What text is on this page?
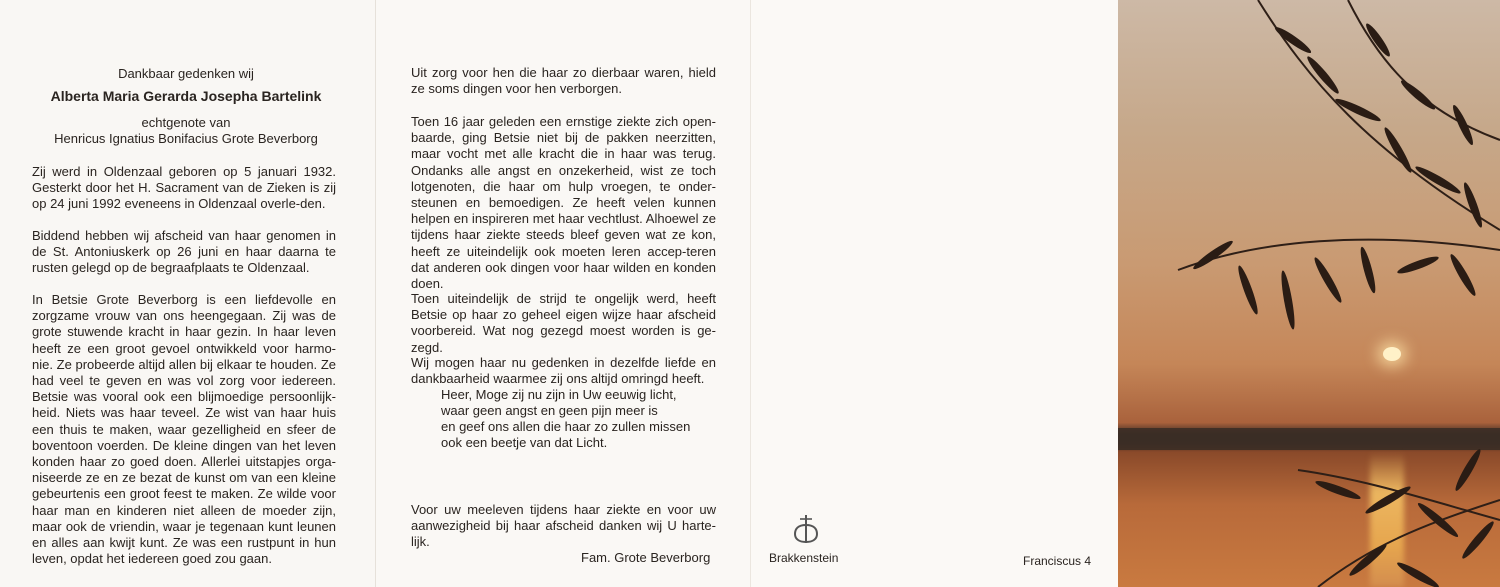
Dankbaar gedenken wij
Alberta Maria Gerarda Josepha Bartelink
echtgenote van
Henricus Ignatius Bonifacius Grote Beverborg
Zij werd in Oldenzaal geboren op 5 januari 1932. Gesterkt door het H. Sacrament van de Zieken is zij op 24 juni 1992 eveneens in Oldenzaal overle-den.
Biddend hebben wij afscheid van haar genomen in de St. Antoniuskerk op 26 juni en haar daarna te rusten gelegd op de begraafplaats te Oldenzaal.
In Betsie Grote Beverborg is een liefdevolle en zorgzame vrouw van ons heengegaan. Zij was de grote stuwende kracht in haar gezin. In haar leven heeft ze een groot gevoel ontwikkeld voor harmo-nie. Ze probeerde altijd allen bij elkaar te houden. Ze had veel te geven en was vol zorg voor iedereen. Betsie was vooral ook een blijmoedige persoonlijk-heid. Niets was haar teveel. Ze wist van haar huis een thuis te maken, waar gezelligheid en sfeer de boventoon voerden. De kleine dingen van het leven konden haar zo goed doen. Allerlei uitstapjes orga-niseerde ze en ze bezat de kunst om van een kleine gebeurtenis een groot feest te maken. Ze wilde voor haar man en kinderen niet alleen de moeder zijn, maar ook de vriendin, waar je tegenaan kunt leunen en alles aan kwijt kunt. Ze was een rustpunt in hun leven, opdat het iedereen goed zou gaan.
Uit zorg voor hen die haar zo dierbaar waren, hield ze soms dingen voor hen verborgen.
Toen 16 jaar geleden een ernstige ziekte zich open-baarde, ging Betsie niet bij de pakken neerzitten, maar vocht met alle kracht die in haar was terug. Ondanks alle angst en onzekerheid, wist ze toch lotgenoten, die haar om hulp vroegen, te onder-steunen en bemoedigen. Ze heeft velen kunnen helpen en inspireren met haar vechtlust. Alhoewel ze tijdens haar ziekte steeds bleef geven wat ze kon, heeft ze uiteindelijk ook moeten leren accep-teren dat anderen ook dingen voor haar wilden en konden doen.
Toen uiteindelijk de strijd te ongelijk werd, heeft Betsie op haar zo geheel eigen wijze haar afscheid voorbereid. Wat nog gezegd moest worden is ge-zegd.
Wij mogen haar nu gedenken in dezelfde liefde en dankbaarheid waarmee zij ons altijd omringd heeft.
Heer, Moge zij nu zijn in Uw eeuwig licht,
waar geen angst en geen pijn meer is
en geef ons allen die haar zo zullen missen
ook een beetje van dat Licht.
Voor uw meeleven tijdens haar ziekte en voor uw aanwezigheid bij haar afscheid danken wij U harte-lijk.
Fam. Grote Beverborg	Brakkenstein	Franciscus 4
